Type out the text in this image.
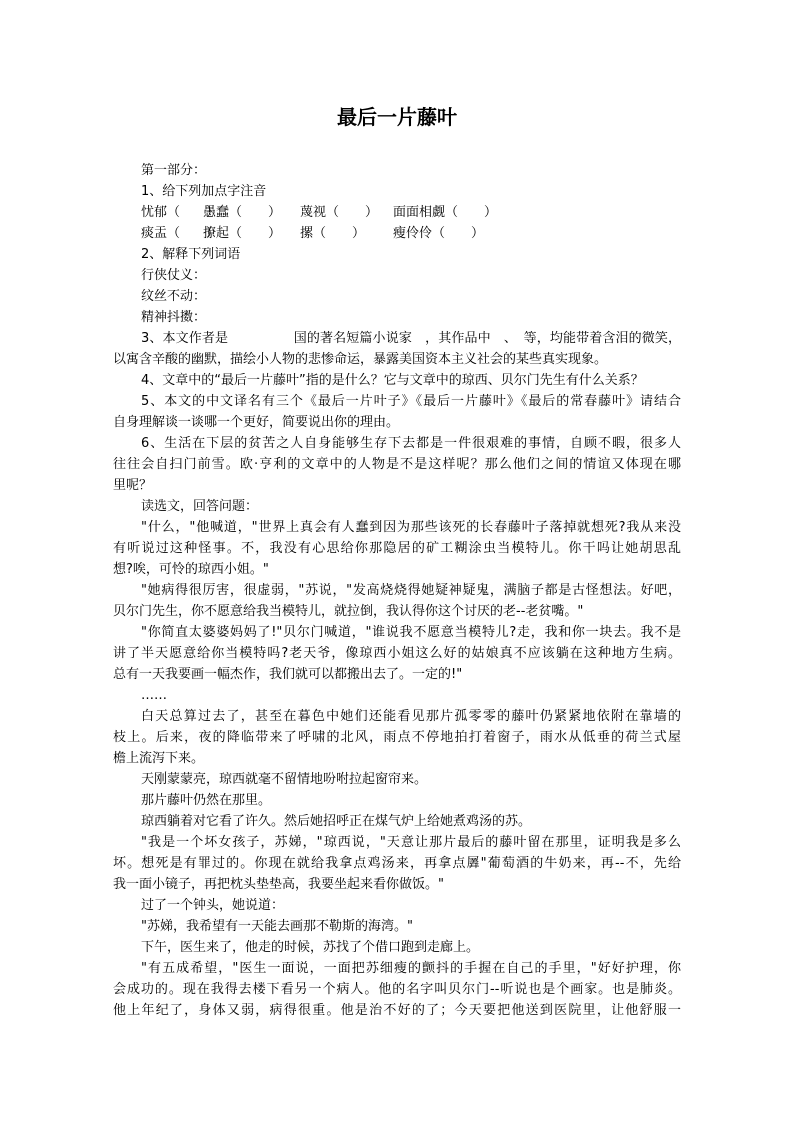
最后一片藤叶
第一部分：
1、给下列加点字注音
忧郁（　　）愚蠢（　　） 蔑视（　　） 面面相觑（　　）
痰盂（　　）撩起（　　） 摞（　　） 瘦伶伶（　　）
2、解释下列词语
行侠仗义：
纹丝不动：
精神抖擞：
3、本文作者是　　　　　国的著名短篇小说家　，其作品中　、　等，均能带着含泪的微笑，
以寓含辛酸的幽默，描绘小人物的悲惨命运，暴露美国资本主义社会的某些真实现象。
4、文章中的“最后一片藤叶”指的是什么？它与文章中的琼西、贝尔门先生有什么关系？
5、本文的中文译名有三个《最后一片叶子》《最后一片藤叶》《最后的常春藤叶》请结合
自身理解谈一谈哪一个更好，简要说出你的理由。
6、生活在下层的贫苦之人自身能够生存下去都是一件很艰难的事情，自顾不暇，很多人
往往会自扫门前雪。欧·亨利的文章中的人物是不是这样呢？那么他们之间的情谊又体现在哪
里呢？
读选文，回答问题：
"什么，"他喊道，"世界上真会有人蠢到因为那些该死的长春藤叶子落掉就想死?我从来没
有听说过这种怪事。不，我没有心思给你那隐居的矿工糊涂虫当模特儿。你干吗让她胡思乱
想?唉，可怜的琼西小姐。"
"她病得很厉害，很虚弱，"苏说，"发高烧烧得她疑神疑鬼，满脑子都是古怪想法。好吧，
贝尔门先生，你不愿意给我当模特儿，就拉倒，我认得你这个讨厌的老--老贫嘴。"
"你简直太婆婆妈妈了!"贝尔门喊道，"谁说我不愿意当模特儿?走，我和你一块去。我不是
讲了半天愿意给你当模特吗?老天爷，像琼西小姐这么好的姑娘真不应该躺在这种地方生病。
总有一天我要画一幅杰作，我们就可以都搬出去了。一定的!"
……
白天总算过去了，甚至在暮色中她们还能看见那片孤零零的藤叶仍紧紧地依附在靠墙的
枝上。后来，夜的降临带来了呼啸的北风，雨点不停地拍打着窗子，雨水从低垂的荷兰式屋
檐上流泻下来。
天刚蒙蒙亮，琼西就毫不留情地吩咐拉起窗帘来。
那片藤叶仍然在那里。
琼西躺着对它看了许久。然后她招呼正在煤气炉上给她煮鸡汤的苏。
"我是一个坏女孩子，苏娣，"琼西说，"天意让那片最后的藤叶留在那里，证明我是多么
坏。想死是有罪过的。你现在就给我拿点鸡汤来，再拿点羼"葡萄酒的牛奶来，再--不，先给
我一面小镜子，再把枕头垫垫高，我要坐起来看你做饭。"
过了一个钟头，她说道：
"苏娣，我希望有一天能去画那不勒斯的海湾。"
下午，医生来了，他走的时候，苏找了个借口跑到走廊上。
"有五成希望，"医生一面说，一面把苏细瘦的颤抖的手握在自己的手里，"好好护理，你
会成功的。现在我得去楼下看另一个病人。他的名字叫贝尔门--听说也是个画家。也是肺炎。
他上年纪了，身体又弱，病得很重。他是治不好的了；今天要把他送到医院里，让他舒服一
